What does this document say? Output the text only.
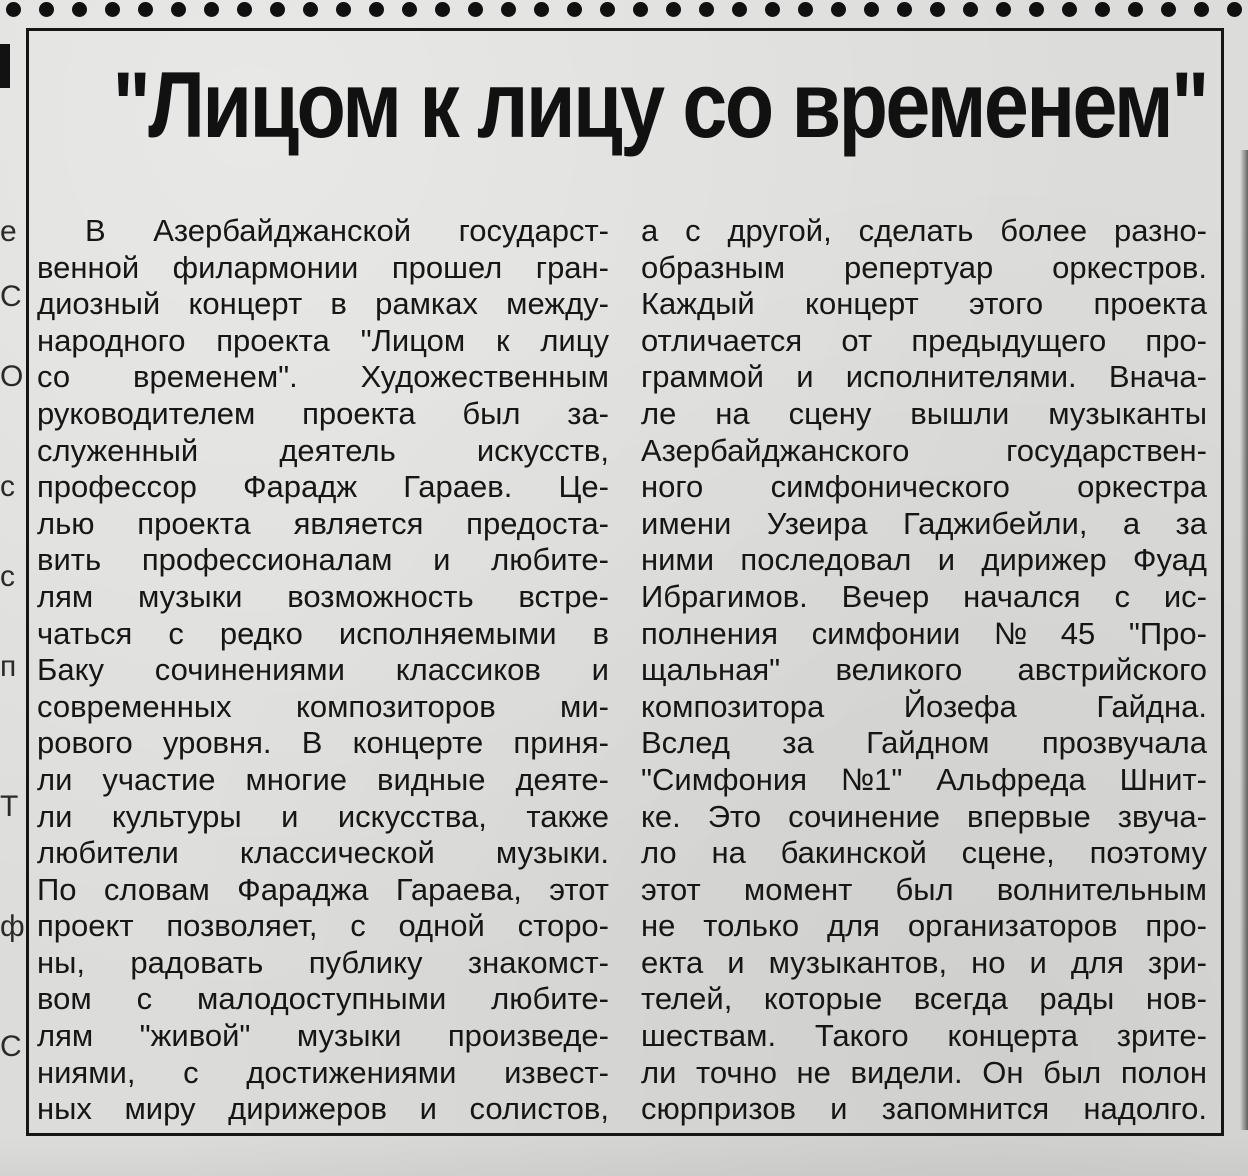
е
С
О
с
с
п
Т
ф
С
"Лицом к лицу со временем"
В Азербайджанской государст-
венной филармонии прошел гран-
диозный концерт в рамках между-
народного проекта "Лицом к лицу
со временем". Художественным
руководителем проекта был за-
служенный деятель искусств,
профессор Фарадж Гараев. Це-
лью проекта является предоста-
вить профессионалам и любите-
лям музыки возможность встре-
чаться с редко исполняемыми в
Баку сочинениями классиков и
современных композиторов ми-
рового уровня. В концерте приня-
ли участие многие видные деяте-
ли культуры и искусства, также
любители классической музыки.
По словам Фараджа Гараева, этот
проект позволяет, с одной сторо-
ны, радовать публику знакомст-
вом с малодоступными любите-
лям "живой" музыки произведе-
ниями, с достижениями извест-
ных миру дирижеров и солистов,
а с другой, сделать более разно-
образным репертуар оркестров.
Каждый концерт этого проекта
отличается от предыдущего про-
граммой и исполнителями. Внача-
ле на сцену вышли музыканты
Азербайджанского государствен-
ного симфонического оркестра
имени Узеира Гаджибейли, а за
ними последовал и дирижер Фуад
Ибрагимов. Вечер начался с ис-
полнения симфонии № 45 "Про-
щальная" великого австрийского
композитора Йозефа Гайдна.
Вслед за Гайдном прозвучала
"Симфония №1" Альфреда Шнит-
ке. Это сочинение впервые звуча-
ло на бакинской сцене, поэтому
этот момент был волнительным
не только для организаторов про-
екта и музыкантов, но и для зри-
телей, которые всегда рады нов-
шествам. Такого концерта зрите-
ли точно не видели. Он был полон
сюрпризов и запомнится надолго.
